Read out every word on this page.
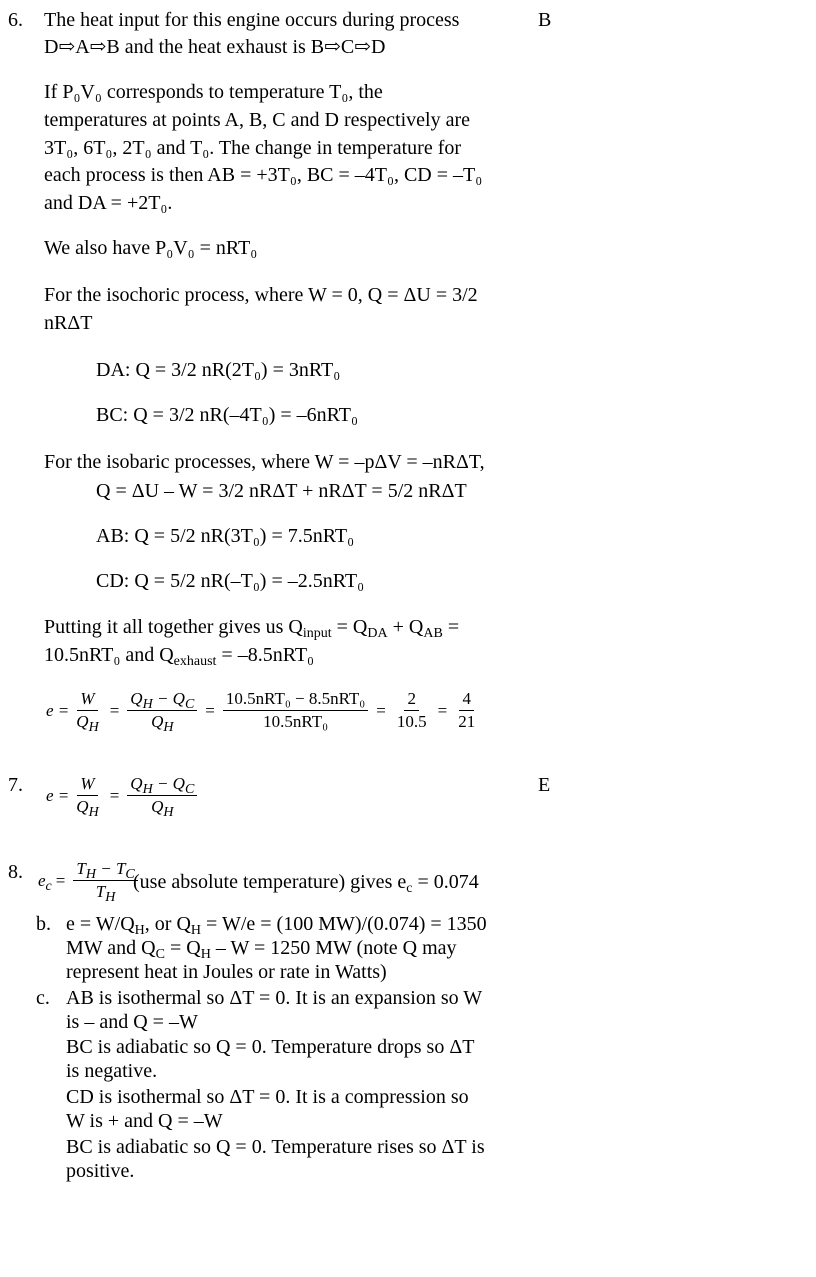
6.	B
The heat input for this engine occurs during process
D⇨A⇨B and the heat exhaust is B⇨C⇨D
If P₀V₀ corresponds to temperature T₀, the
temperatures at points A, B, C and D respectively are
3T₀, 6T₀, 2T₀ and T₀. The change in temperature for
each process is then AB = +3T₀, BC = –4T₀, CD = –T₀
and DA = +2T₀.
We also have P₀V₀ = nRT₀
For the isochoric process, where W = 0, Q = ΔU = 3/2
nRΔT
DA: Q = 3/2 nR(2T₀) = 3nRT₀
BC: Q = 3/2 nR(–4T₀) = –6nRT₀
For the isobaric processes, where W = –pΔV = –nRΔT,
Q = ΔU – W = 3/2 nRΔT + nRΔT = 5/2 nRΔT
AB: Q = 5/2 nR(3T₀) = 7.5nRT₀
CD: Q = 5/2 nR(–T₀) = –2.5nRT₀
Putting it all together gives us $Q_{input} = Q_{DA} + Q_{AB}$ =
10.5nRT₀ and $Q_{exhaust} = -8.5nRT_0$
$e = \frac{W}{Q_H} = \frac{Q_H - Q_C}{Q_H} = \frac{\text{10.5nRT₀ − 8.5nRT₀}}{\text{10.5nRT₀}} = \frac{2}{10.5} = \frac{4}{21}$
7.	E
$e = \frac{W}{Q_H} = \frac{Q_H - Q_C}{Q_H}$
8. $e_c = \frac{T_H - T_C}{T_H}$
(use absolute temperature) gives $e_c = 0.074$
b. $e = W/Q_H$, or $Q_H = W/e = (100$ MW)/(0.074) = 1350
MW and $Q_C = Q_H - W = 1250$ MW (note Q may
represent heat in Joules or rate in Watts)
c. AB is isothermal so ΔT = 0. It is an expansion so W
is – and Q = –W
BC is adiabatic so Q = 0. Temperature drops so ΔT
is negative.
CD is isothermal so ΔT = 0. It is a compression so
W is + and Q = –W
BC is adiabatic so Q = 0. Temperature rises so ΔT is
positive.
